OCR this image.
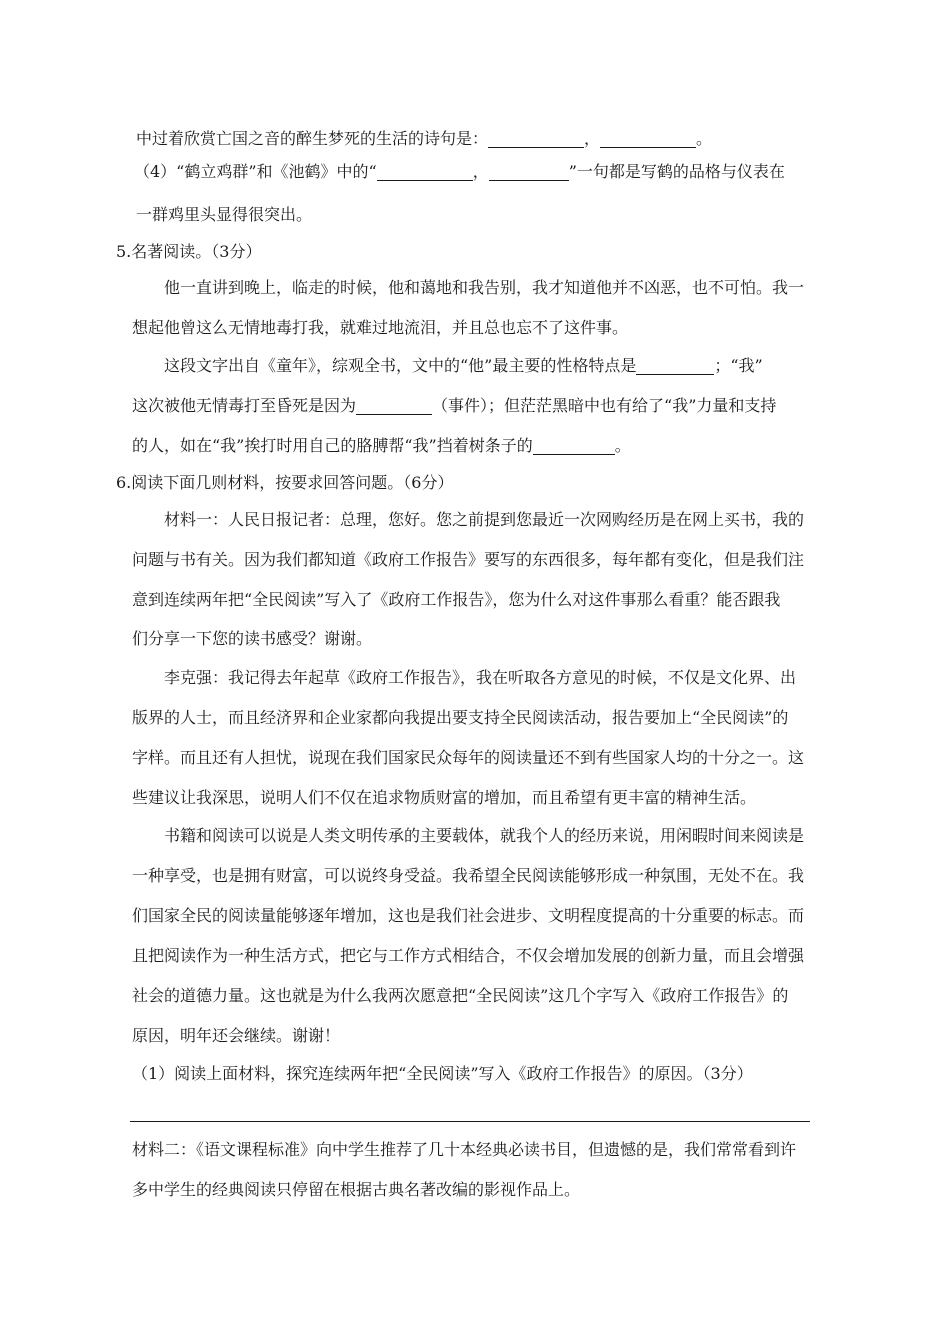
中过着欣赏亡国之音的醉生梦死的生活的诗句是：	，	。
（4）“鹤立鸡群”和《池鹤》中的“	，	”一句都是写鹤的品格与仪表在
一群鸡里头显得很突出。
5.名著阅读。（3分）
他一直讲到晚上，临走的时候，他和蔼地和我告别，我才知道他并不凶恶，也不可怕。我一
想起他曾这么无情地毒打我，就难过地流泪，并且总也忘不了这件事。
这段文字出自《童年》，综观全书，文中的“他”最主要的性格特点是	；“我”
这次被他无情毒打至昏死是因为	（事件）；但茫茫黑暗中也有给了“我”力量和支持
的人，如在“我”挨打时用自己的胳膊帮“我”挡着树条子的	。
6.阅读下面几则材料，按要求回答问题。（6分）
材料一：人民日报记者：总理，您好。您之前提到您最近一次网购经历是在网上买书，我的
问题与书有关。因为我们都知道《政府工作报告》要写的东西很多，每年都有变化，但是我们注
意到连续两年把“全民阅读”写入了《政府工作报告》，您为什么对这件事那么看重？能否跟我
们分享一下您的读书感受？谢谢。
李克强：我记得去年起草《政府工作报告》，我在听取各方意见的时候，不仅是文化界、出
版界的人士，而且经济界和企业家都向我提出要支持全民阅读活动，报告要加上“全民阅读”的
字样。而且还有人担忧，说现在我们国家民众每年的阅读量还不到有些国家人均的十分之一。这
些建议让我深思，说明人们不仅在追求物质财富的增加，而且希望有更丰富的精神生活。
书籍和阅读可以说是人类文明传承的主要载体，就我个人的经历来说，用闲暇时间来阅读是
一种享受，也是拥有财富，可以说终身受益。我希望全民阅读能够形成一种氛围，无处不在。我
们国家全民的阅读量能够逐年增加，这也是我们社会进步、文明程度提高的十分重要的标志。而
且把阅读作为一种生活方式，把它与工作方式相结合，不仅会增加发展的创新力量，而且会增强
社会的道德力量。这也就是为什么我两次愿意把“全民阅读”这几个字写入《政府工作报告》的
原因，明年还会继续。谢谢！
（1）阅读上面材料，探究连续两年把“全民阅读”写入《政府工作报告》的原因。（3分）
材料二：《语文课程标准》向中学生推荐了几十本经典必读书目，但遗憾的是，我们常常看到许
多中学生的经典阅读只停留在根据古典名著改编的影视作品上。
